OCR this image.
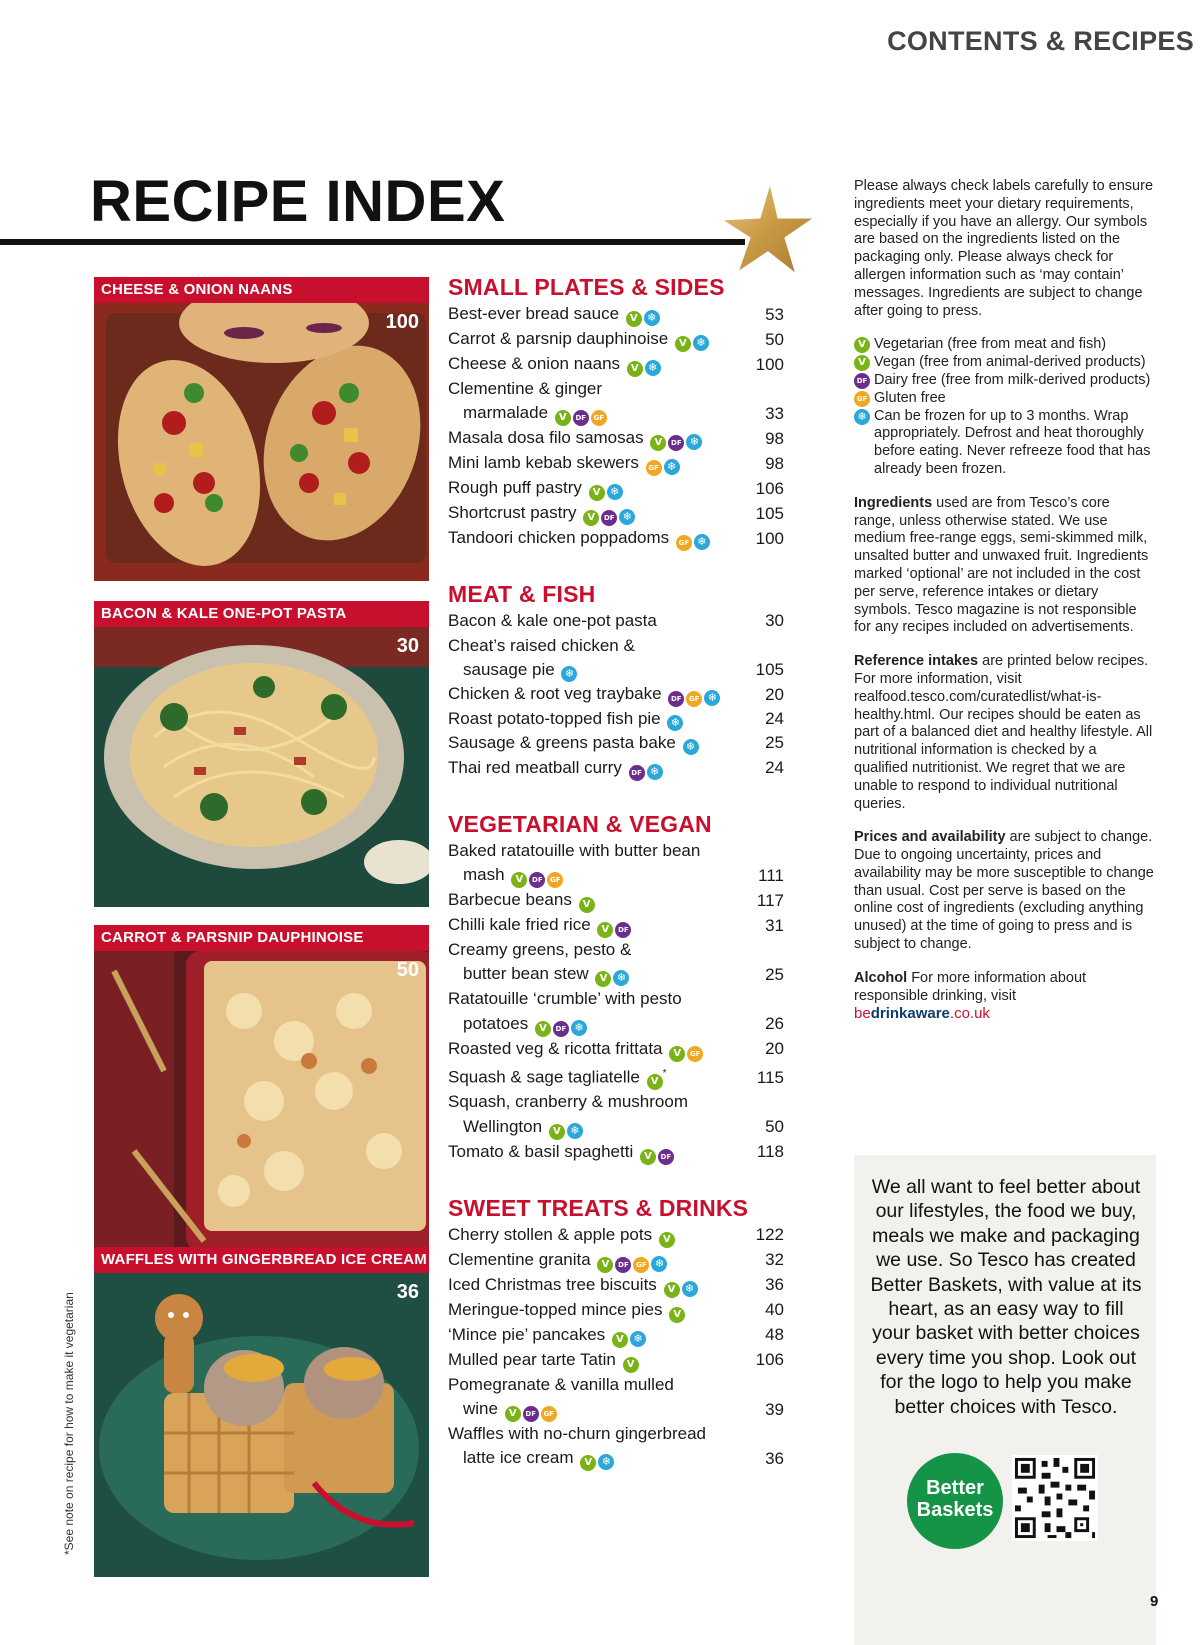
CONTENTS & RECIPES
RECIPE INDEX
CHEESE & ONION NAANS
100
BACON & KALE ONE-POT PASTA
30
CARROT & PARSNIP DAUPHINOISE
50
WAFFLES WITH GINGERBREAD ICE CREAM
36
*See note on recipe for how to make it vegetarian
SMALL PLATES & SIDES
Best-ever bread sauce V ❄	53
Carrot & parsnip dauphinoise V ❄	50
Cheese & onion naans V ❄	100
Clementine & ginger
marmalade V DF GF	33
Masala dosa filo samosas V DF ❄	98
Mini lamb kebab skewers GF ❄	98
Rough puff pastry V ❄	106
Shortcrust pastry V DF ❄	105
Tandoori chicken poppadoms GF ❄	100
MEAT & FISH
Bacon & kale one-pot pasta	30
Cheat’s raised chicken &
sausage pie ❄	105
Chicken & root veg traybake DF GF ❄	20
Roast potato-topped fish pie ❄	24
Sausage & greens pasta bake ❄	25
Thai red meatball curry DF ❄	24
VEGETARIAN & VEGAN
Baked ratatouille with butter bean
mash V DF GF	111
Barbecue beans V	117
Chilli kale fried rice V DF	31
Creamy greens, pesto &
butter bean stew V ❄	25
Ratatouille ‘crumble’ with pesto
potatoes V DF ❄	26
Roasted veg & ricotta frittata V GF	20
Squash & sage tagliatelle V*	115
Squash, cranberry & mushroom
Wellington V ❄	50
Tomato & basil spaghetti V DF	118
SWEET TREATS & DRINKS
Cherry stollen & apple pots V	122
Clementine granita V DF GF ❄	32
Iced Christmas tree biscuits V ❄	36
Meringue-topped mince pies V	40
‘Mince pie’ pancakes V ❄	48
Mulled pear tarte Tatin V	106
Pomegranate & vanilla mulled
wine V DF GF	39
Waffles with no-churn gingerbread
latte ice cream V ❄	36

Please always check labels carefully to ensure ingredients meet your dietary requirements, especially if you have an allergy. Our symbols are based on the ingredients listed on the packaging only. Please always check for allergen information such as ‘may contain’ messages. Ingredients are subject to change after going to press.

V Vegetarian (free from meat and fish)
V Vegan (free from animal-derived products)
DF Dairy free (free from milk-derived products)
GF Gluten free
❄ Can be frozen for up to 3 months. Wrap appropriately. Defrost and heat thoroughly before eating. Never refreeze food that has already been frozen.

Ingredients used are from Tesco’s core range, unless otherwise stated. We use medium free-range eggs, semi-skimmed milk, unsalted butter and unwaxed fruit. Ingredients marked ‘optional’ are not included in the cost per serve, reference intakes or dietary symbols. Tesco magazine is not responsible for any recipes included on advertisements.

Reference intakes are printed below recipes. For more information, visit realfood.tesco.com/curatedlist/what-is-healthy.html. Our recipes should be eaten as part of a balanced diet and healthy lifestyle. All nutritional information is checked by a qualified nutritionist. We regret that we are unable to respond to individual nutritional queries.

Prices and availability are subject to change. Due to ongoing uncertainty, prices and availability may be more susceptible to change than usual. Cost per serve is based on the online cost of ingredients (excluding anything unused) at the time of going to press and is subject to change.

Alcohol For more information about responsible drinking, visit

bedrinkaware.co.uk
We all want to feel better about our lifestyles, the food we buy, meals we make and packaging we use. So Tesco has created Better Baskets, with value at its heart, as an easy way to fill your basket with better choices every time you shop. Look out for the logo to help you make better choices with Tesco.
Better
Baskets
9
